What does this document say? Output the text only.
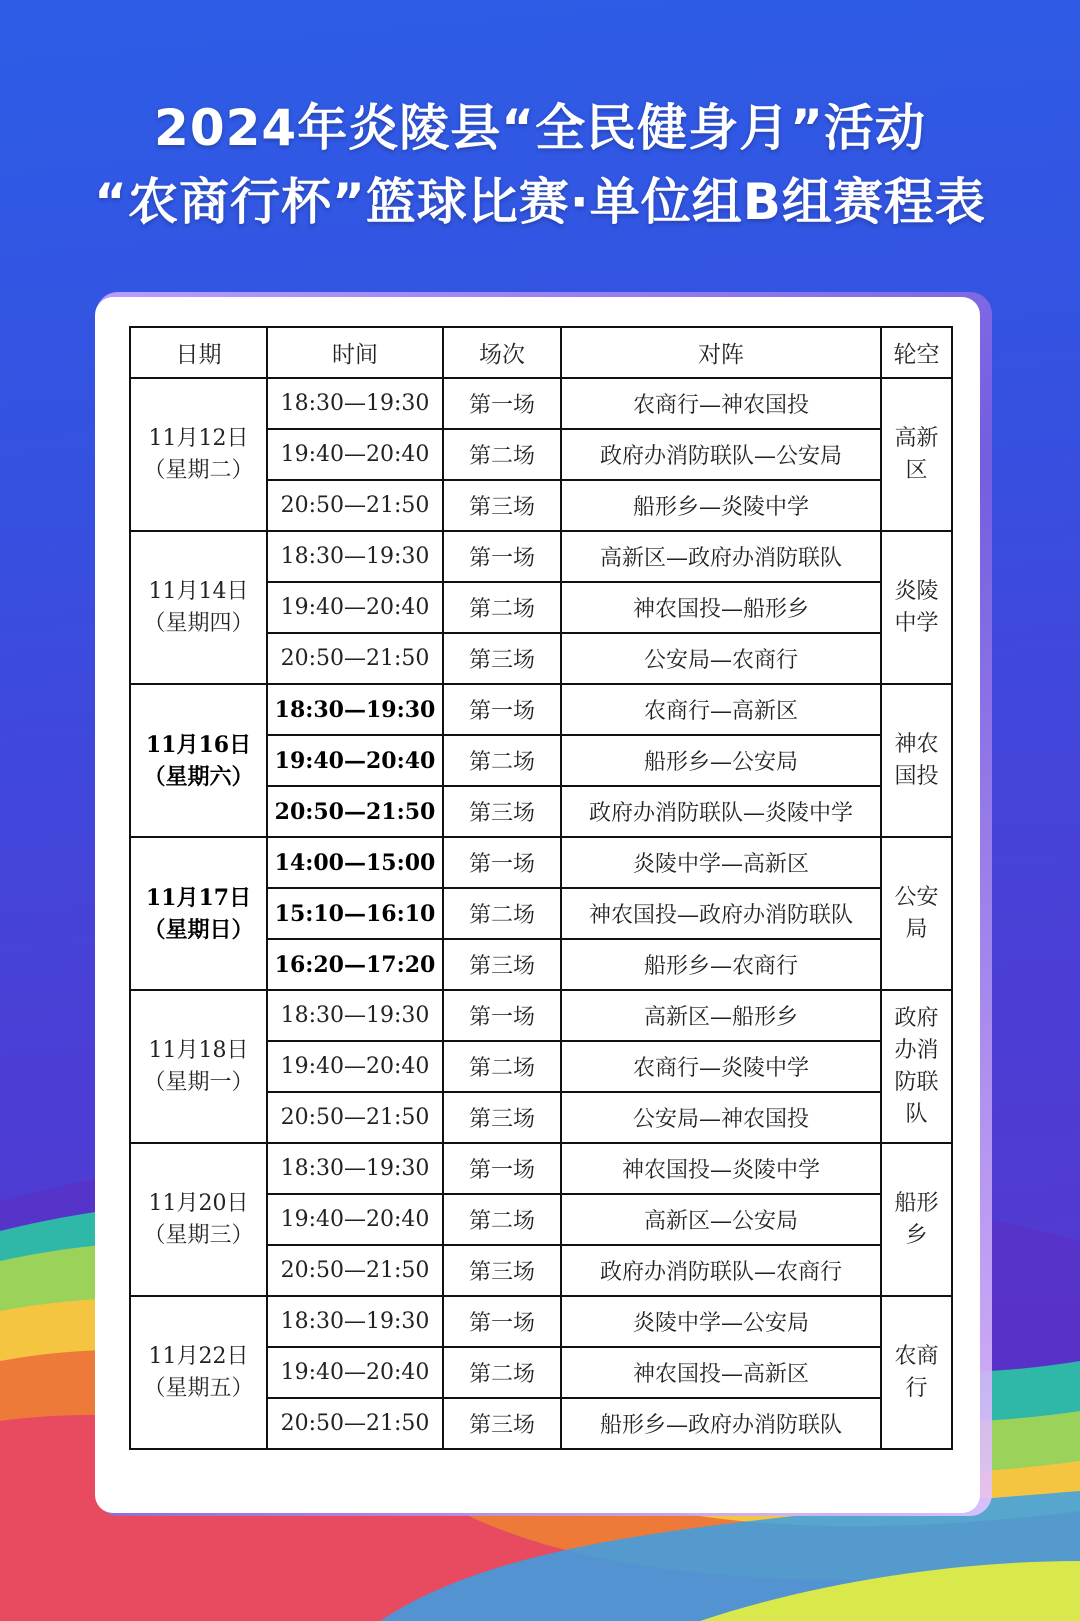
2024年炎陵县“全民健身月”活动
“农商行杯”篮球比赛·单位组B组赛程表
日期	时间	场次	对阵	轮空

11月12日
（星期二）	18:30—19:30	第一场	农商行—神农国投	高新区

	19:40—20:40	第二场	政府办消防联队—公安局	
	20:50—21:50	第三场	船形乡—炎陵中学	

11月14日
（星期四）	18:30—19:30	第一场	高新区—政府办消防联队	炎陵中学

	19:40—20:40	第二场	神农国投—船形乡	
	20:50—21:50	第三场	公安局—农商行	

11月16日
（星期六）	18:30—19:30	第一场	农商行—高新区	神农国投

	19:40—20:40	第二场	船形乡—公安局	
	20:50—21:50	第三场	政府办消防联队—炎陵中学	

11月17日
（星期日）	14:00—15:00	第一场	炎陵中学—高新区	公安局

	15:10—16:10	第二场	神农国投—政府办消防联队	
	16:20—17:20	第三场	船形乡—农商行	

11月18日
（星期一）	18:30—19:30	第一场	高新区—船形乡	政府办消防联队

	19:40—20:40	第二场	农商行—炎陵中学	
	20:50—21:50	第三场	公安局—神农国投	

11月20日
（星期三）	18:30—19:30	第一场	神农国投—炎陵中学	船形乡

	19:40—20:40	第二场	高新区—公安局	
	20:50—21:50	第三场	政府办消防联队—农商行	

11月22日
（星期五）	18:30—19:30	第一场	炎陵中学—公安局	农商行

	19:40—20:40	第二场	神农国投—高新区	
	20:50—21:50	第三场	船形乡—政府办消防联队	
